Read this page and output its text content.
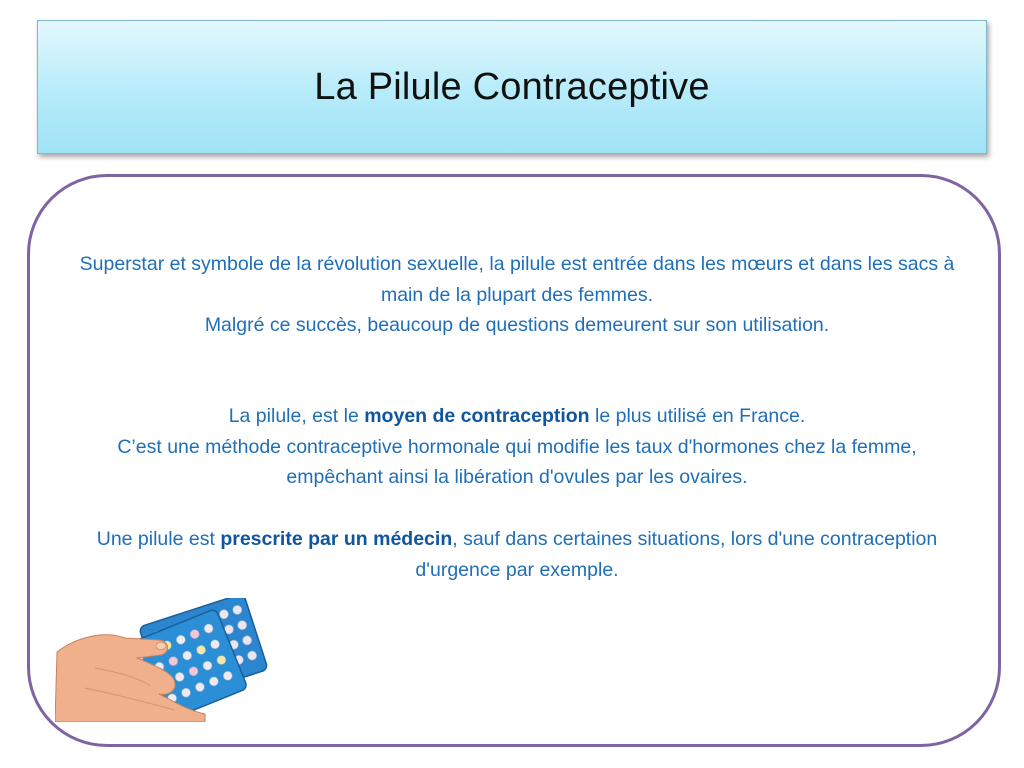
La Pilule Contraceptive
Superstar et symbole de la révolution sexuelle, la pilule est entrée dans les mœurs et dans les sacs à main de la plupart des femmes.
Malgré ce succès, beaucoup de questions demeurent sur son utilisation.
La pilule, est le moyen de contraception le plus utilisé en France.
C’est une méthode contraceptive hormonale qui modifie les taux d'hormones chez la femme, empêchant ainsi la libération d'ovules par les ovaires.
Une pilule est prescrite par un médecin, sauf dans certaines situations, lors d'une contraception d'urgence par exemple.
